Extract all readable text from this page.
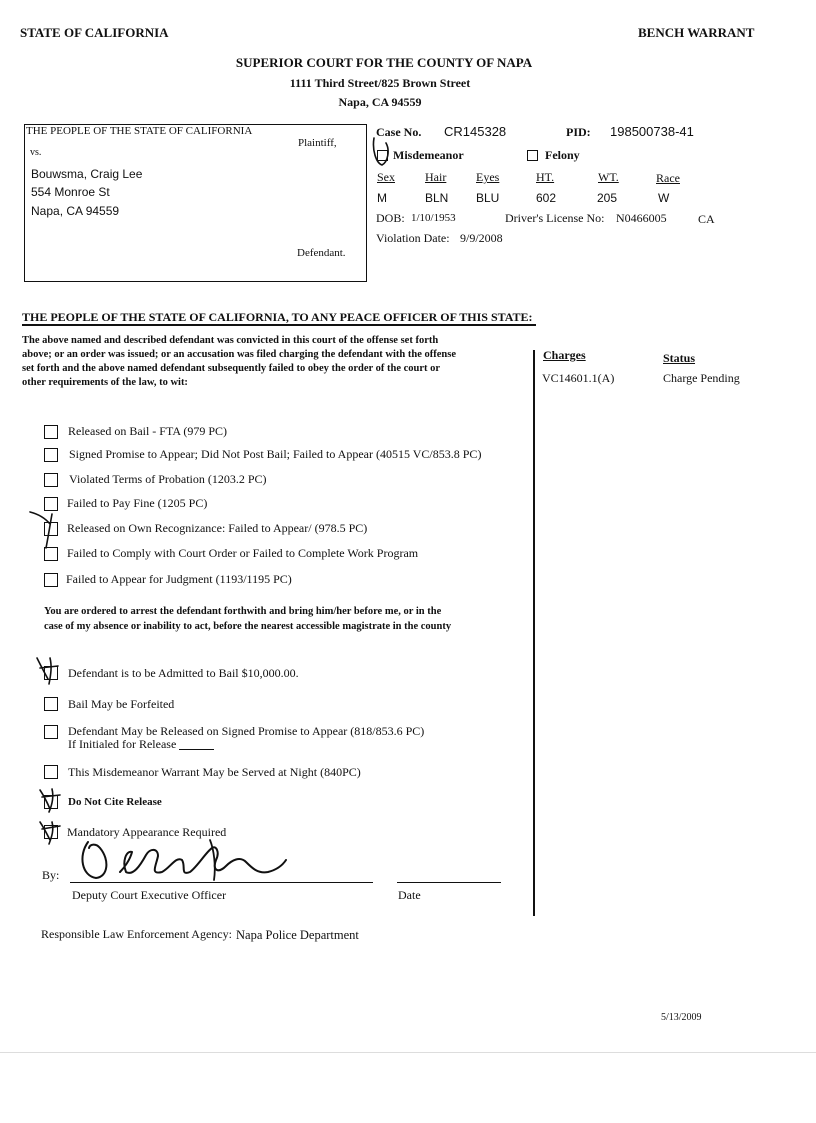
STATE OF CALIFORNIA	BENCH WARRANT
SUPERIOR COURT FOR THE COUNTY OF NAPA
1111 Third Street/825 Brown Street
Napa, CA 94559
THE PEOPLE OF THE STATE OF CALIFORNIA
Plaintiff,
vs.
Bouwsma, Craig Lee
554 Monroe St
Napa, CA 94559
Defendant.
Case No. CR145328	PID: 198500738-41
Misdemeanor	Felony
Sex	Hair Eyes	HT.	WT.	Race
M	BLN BLU	602	205	W
DOB: 1/10/1953	Driver's License No: N0466005	CA
Violation Date: 9/9/2008
THE PEOPLE OF THE STATE OF CALIFORNIA, TO ANY PEACE OFFICER OF THIS STATE:
The above named and described defendant was convicted in this court of the offense set forth
above; or an order was issued; or an accusation was filed charging the defendant with the offense
set forth and the above named defendant subsequently failed to obey the order of the court or
other requirements of the law, to wit:
Charges	Status
VC14601.1(A)	Charge Pending
Released on Bail - FTA (979 PC)
Signed Promise to Appear; Did Not Post Bail; Failed to Appear (40515 VC/853.8 PC)
Violated Terms of Probation (1203.2 PC)
Failed to Pay Fine (1205 PC)
Released on Own Recognizance: Failed to Appear/ (978.5 PC)
Failed to Comply with Court Order or Failed to Complete Work Program
Failed to Appear for Judgment (1193/1195 PC)
You are ordered to arrest the defendant forthwith and bring him/her before me, or in the
case of my absence or inability to act, before the nearest accessible magistrate in the county
Defendant is to be Admitted to Bail $10,000.00.
Bail May be Forfeited
Defendant May be Released on Signed Promise to Appear (818/853.6 PC)
If Initialed for Release
This Misdemeanor Warrant May be Served at Night (840PC)
Do Not Cite Release
Mandatory Appearance Required
By:
Deputy Court Executive Officer	Date
Responsible Law Enforcement Agency: Napa Police Department
5/13/2009
